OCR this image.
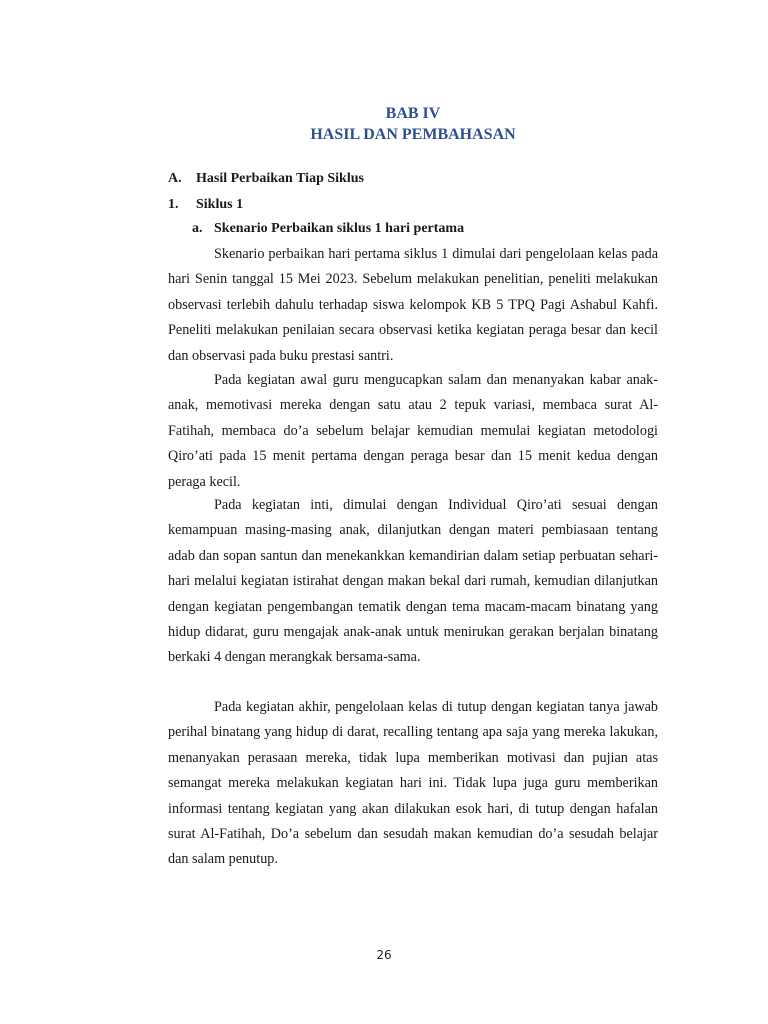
BAB IV
HASIL DAN PEMBAHASAN
A. Hasil Perbaikan Tiap Siklus
1. Siklus 1
a. Skenario Perbaikan siklus 1 hari pertama

Skenario perbaikan hari pertama siklus 1 dimulai dari pengelolaan kelas pada hari Senin tanggal 15 Mei 2023. Sebelum melakukan penelitian, peneliti melakukan observasi terlebih dahulu terhadap siswa kelompok KB 5 TPQ Pagi Ashabul Kahfi. Peneliti melakukan penilaian secara observasi ketika kegiatan peraga besar dan kecil dan observasi pada buku prestasi santri.

Pada kegiatan awal guru mengucapkan salam dan menanyakan kabar anak-anak, memotivasi mereka dengan satu atau 2 tepuk variasi, membaca surat Al-Fatihah, membaca do’a sebelum belajar kemudian memulai kegiatan metodologi Qiro’ati pada 15 menit pertama dengan peraga besar dan 15 menit kedua dengan peraga kecil.

Pada kegiatan inti, dimulai dengan Individual Qiro’ati sesuai dengan kemampuan masing-masing anak, dilanjutkan dengan materi pembiasaan tentang adab dan sopan santun dan menekankkan kemandirian dalam setiap perbuatan sehari-hari melalui kegiatan istirahat dengan makan bekal dari rumah, kemudian dilanjutkan dengan kegiatan pengembangan tematik dengan tema macam-macam binatang yang hidup didarat, guru mengajak anak-anak untuk menirukan gerakan berjalan binatang berkaki 4 dengan merangkak bersama-sama.

Pada kegiatan akhir, pengelolaan kelas di tutup dengan kegiatan tanya jawab perihal binatang yang hidup di darat, recalling tentang apa saja yang mereka lakukan, menanyakan perasaan mereka, tidak lupa memberikan motivasi dan pujian atas semangat mereka melakukan kegiatan hari ini. Tidak lupa juga guru memberikan informasi tentang kegiatan yang akan dilakukan esok hari, di tutup dengan hafalan surat Al-Fatihah, Do’a sebelum dan sesudah makan kemudian do’a sesudah belajar dan salam penutup.

26
